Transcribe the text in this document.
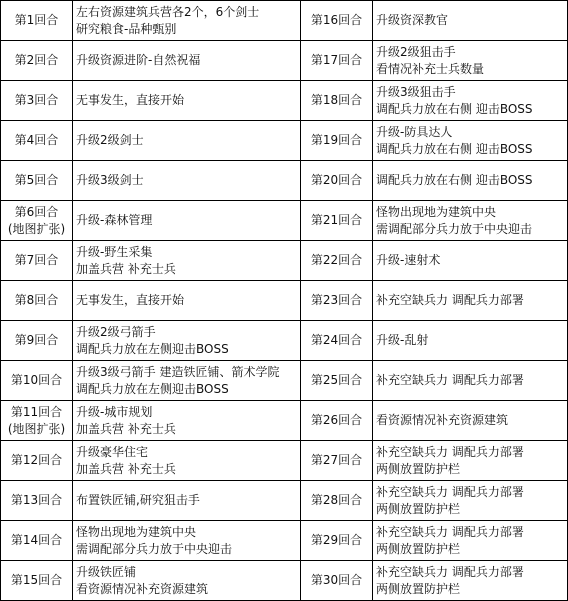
第1回合	左右资源建筑兵营各2个，6个剑士
研究粮食-品种甄别	第16回合	升级资深教官

第2回合	升级资源进阶-自然祝福	第17回合	升级2级狙击手
看情况补充士兵数量

第3回合	无事发生，直接开始	第18回合	升级3级狙击手
调配兵力放在右侧 迎击BOSS

第4回合	升级2级剑士	第19回合	升级-防具达人
调配兵力放在右侧 迎击BOSS

第5回合	升级3级剑士	第20回合	调配兵力放在右侧 迎击BOSS

第6回合
(地图扩张)	升级-森林管理	第21回合	怪物出现地为建筑中央
需调配部分兵力放于中央迎击

第7回合	升级-野生采集
加盖兵营 补充士兵	第22回合	升级-速射术

第8回合	无事发生，直接开始	第23回合	补充空缺兵力 调配兵力部署

第9回合	升级2级弓箭手
调配兵力放在左侧迎击BOSS	第24回合	升级-乱射

第10回合	升级3级弓箭手 建造铁匠铺、箭术学院
调配兵力放在左侧迎击BOSS	第25回合	补充空缺兵力 调配兵力部署

第11回合
(地图扩张)	升级-城市规划
加盖兵营 补充士兵	第26回合	看资源情况补充资源建筑

第12回合	升级豪华住宅
加盖兵营 补充士兵	第27回合	补充空缺兵力 调配兵力部署
两侧放置防护栏

第13回合	布置铁匠铺,研究狙击手	第28回合	补充空缺兵力 调配兵力部署
两侧放置防护栏

第14回合	怪物出现地为建筑中央
需调配部分兵力放于中央迎击	第29回合	补充空缺兵力 调配兵力部署
两侧放置防护栏

第15回合	升级铁匠铺
看资源情况补充资源建筑	第30回合	补充空缺兵力 调配兵力部署
两侧放置防护栏
